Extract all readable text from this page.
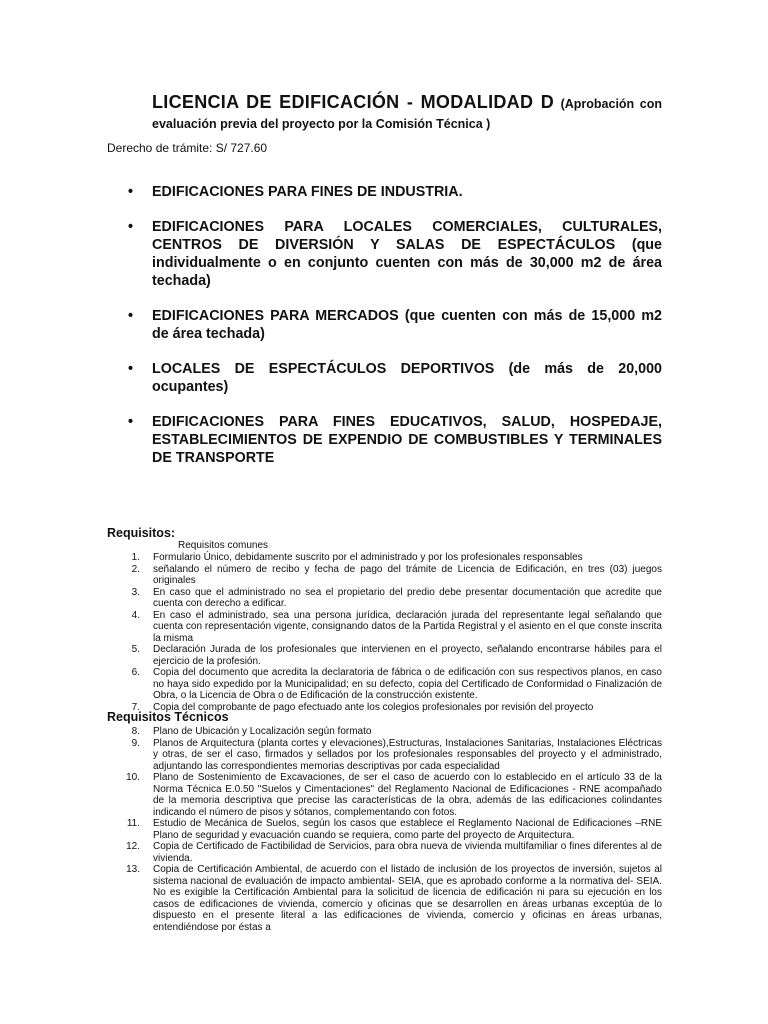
LICENCIA DE EDIFICACIÓN - MODALIDAD D (Aprobación con evaluación previa del proyecto por la Comisión Técnica )
Derecho de trámite: S/ 727.60
• EDIFICACIONES PARA FINES DE INDUSTRIA.
• EDIFICACIONES PARA LOCALES COMERCIALES, CULTURALES, CENTROS DE DIVERSIÓN Y SALAS DE ESPECTÁCULOS (que individualmente o en conjunto cuenten con más de 30,000 m2 de área techada)
• EDIFICACIONES PARA MERCADOS (que cuenten con más de 15,000 m2 de área techada)
• LOCALES DE ESPECTÁCULOS DEPORTIVOS (de más de 20,000 ocupantes)
• EDIFICACIONES PARA FINES EDUCATIVOS, SALUD, HOSPEDAJE, ESTABLECIMIENTOS DE EXPENDIO DE COMBUSTIBLES Y TERMINALES DE TRANSPORTE
Requisitos:
Requisitos comunes
1. Formulario Único, debidamente suscrito por el administrado y por los profesionales responsables
2. señalando el número de recibo y fecha de pago del trámite de Licencia de Edificación, en tres (03) juegos originales
3. En caso que el administrado no sea el propietario del predio debe presentar documentación que acredite que cuenta con derecho a edificar.
4. En caso el administrado, sea una persona jurídica, declaración jurada del representante legal señalando que cuenta con representación vigente, consignando datos de la Partida Registral y el asiento en el que conste inscrita la misma
5. Declaración Jurada de los profesionales que intervienen en el proyecto, señalando encontrarse hábiles para el ejercicio de la profesión.
6. Copia del documento que acredita la declaratoria de fábrica o de edificación con sus respectivos planos, en caso no haya sido expedido por la Municipalidad; en su defecto, copia del Certificado de Conformidad o Finalización de Obra, o la Licencia de Obra o de Edificación de la construcción existente.
7. Copia del comprobante de pago efectuado ante los colegios profesionales por revisión del proyecto
Requisitos Técnicos
8. Plano de Ubicación y Localización según formato
9. Planos de Arquitectura (planta cortes y elevaciones),Estructuras, Instalaciones Sanitarias, Instalaciones Eléctricas y otras, de ser el caso, firmados y sellados por los profesionales responsables del proyecto y el administrado, adjuntando las correspondientes memorias descriptivas por cada especialidad
10. Plano de Sostenimiento de Excavaciones, de ser el caso de acuerdo con lo establecido en el artículo 33 de la Norma Técnica E.0.50 "Suelos y Cimentaciones" del Reglamento Nacional de Edificaciones - RNE acompañado de la memoria descriptiva que precise las características de la obra, además de las edificaciones colindantes indicando el número de pisos y sótanos, complementando con fotos.
11. Estudio de Mecánica de Suelos, según los casos que establece el Reglamento Nacional de Edificaciones –RNE Plano de seguridad y evacuación cuando se requiera, como parte del proyecto de Arquitectura.
12. Copia de Certificado de Factibilidad de Servicios, para obra nueva de vivienda multifamiliar o fines diferentes al de vivienda.
13. Copia de Certificación Ambiental, de acuerdo con el listado de inclusión de los proyectos de inversión, sujetos al sistema nacional de evaluación de impacto ambiental- SEIA, que es aprobado conforme a la normativa del- SEIA. No es exigible la Certificación Ambiental para la solicitud de licencia de edificación ni para su ejecución en los casos de edificaciones de vivienda, comercio y oficinas que se desarrollen en áreas urbanas exceptúa de lo dispuesto en el presente literal a las edificaciones de vivienda, comercio y oficinas en áreas urbanas, entendiéndose por éstas a
